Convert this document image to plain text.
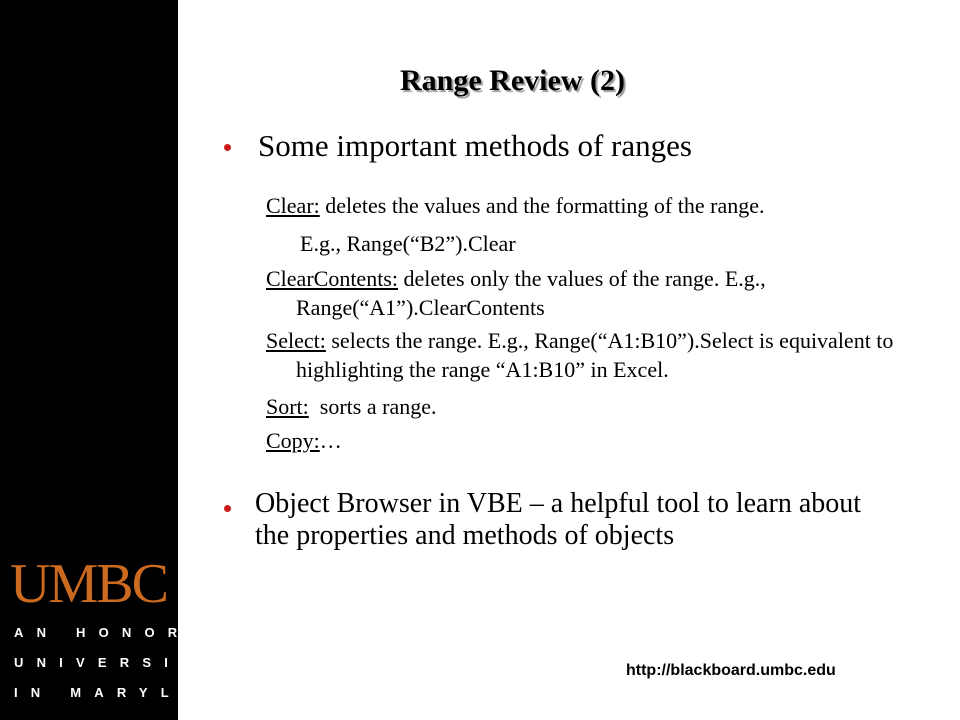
UMBC
AN HONORS
UNIVERSITY
IN MARYLAND
Range Review (2)
Some important methods of ranges
Clear: deletes the values and the formatting of the range.
E.g., Range(“B2”).Clear
ClearContents: deletes only the values of the range. E.g., Range(“A1”).ClearContents
Select: selects the range. E.g., Range(“A1:B10”).Select is equivalent to highlighting the range “A1:B10” in Excel.
Sort:  sorts a range.
Copy:…
Object Browser in VBE – a helpful tool to learn about the properties and methods of objects
http://blackboard.umbc.edu
